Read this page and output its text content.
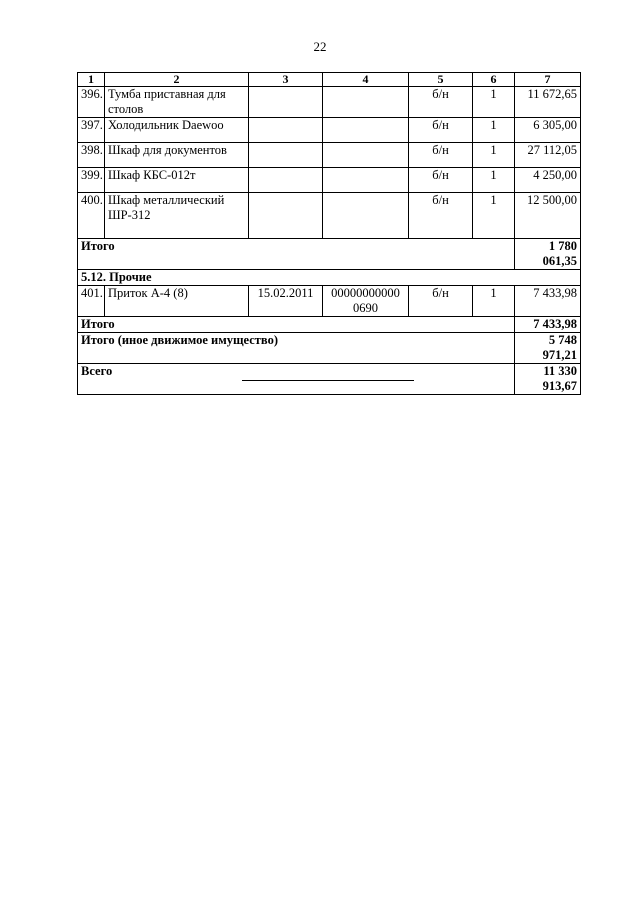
22
1	2	3	4	5	6	7
396.	Тумба приставная для столов			б/н	1	11 672,65
397.	Холодильник Daewoo			б/н	1	6 305,00
398.	Шкаф для документов			б/н	1	27 112,05
399.	Шкаф КБС-012т			б/н	1	4 250,00
400.	Шкаф металлический ШР-312			б/н	1	12 500,00
Итого						1 780 061,35
5.12. Прочие						
401.	Приток А-4 (8)	15.02.2011	00000000000 0690	б/н	1	7 433,98
Итого						7 433,98
Итого (иное движимое имущество)						5 748 971,21
Всего						11 330 913,67
